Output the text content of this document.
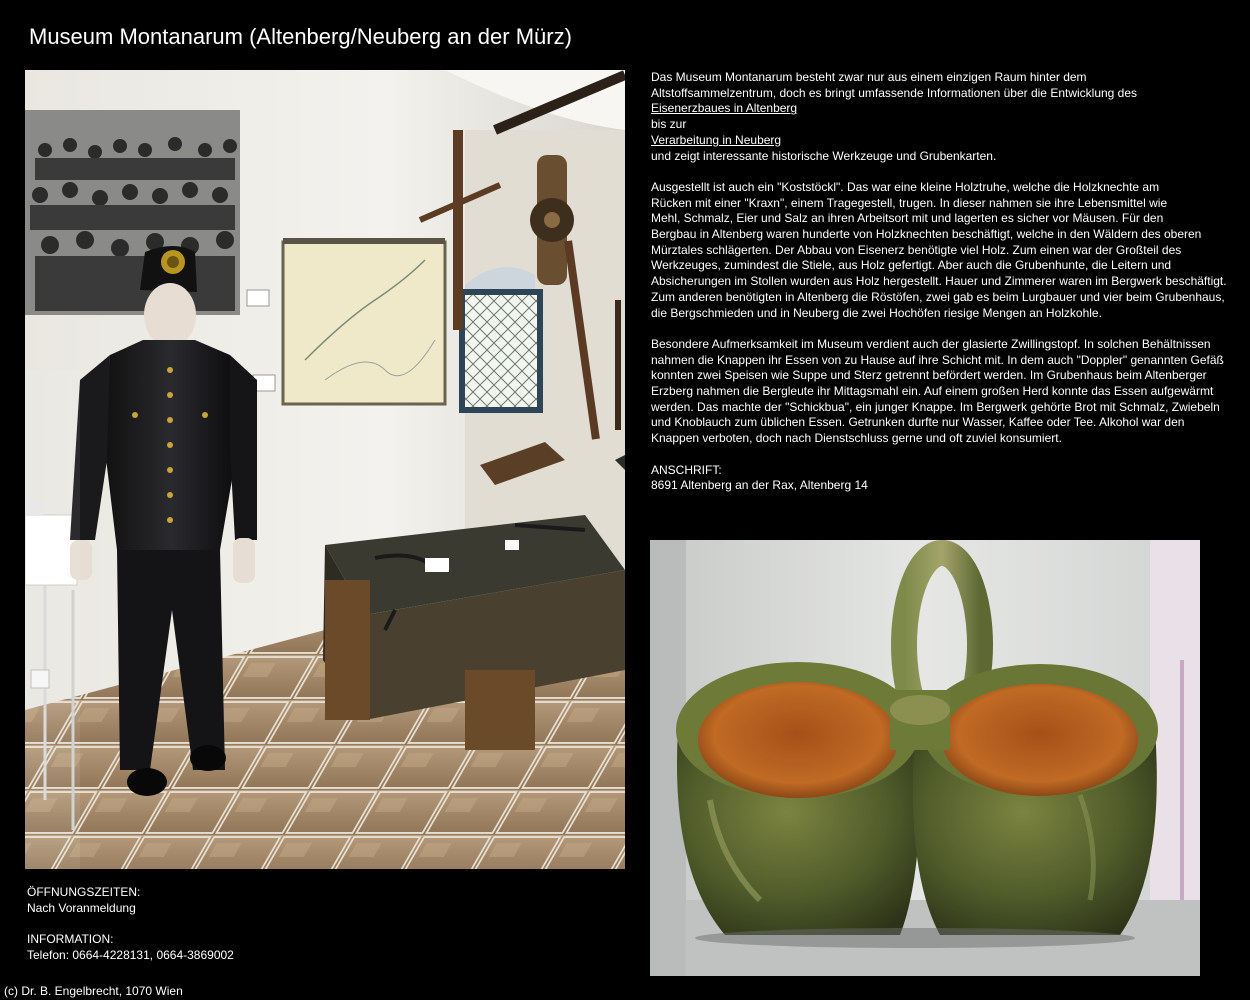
Museum Montanarum (Altenberg/Neuberg an der Mürz)

Das Museum Montanarum besteht zwar nur aus einem einzigen Raum hinter dem
Altstoffsammelzentrum, doch es bringt umfassende Informationen über die Entwicklung des
Eisenerzbaues in Altenberg
bis zur
Verarbeitung in Neuberg
und zeigt interessante historische Werkzeuge und Grubenkarten.

Ausgestellt ist auch ein "Koststöckl". Das war eine kleine Holztruhe, welche die Holzknechte am
Rücken mit einer "Kraxn", einem Tragegestell, trugen. In dieser nahmen sie ihre Lebensmittel wie
Mehl, Schmalz, Eier und Salz an ihren Arbeitsort mit und lagerten es sicher vor Mäusen. Für den
Bergbau in Altenberg waren hunderte von Holzknechten beschäftigt, welche in den Wäldern des oberen
Mürztales schlägerten. Der Abbau von Eisenerz benötigte viel Holz. Zum einen war der Großteil des
Werkzeuges, zumindest die Stiele, aus Holz gefertigt. Aber auch die Grubenhunte, die Leitern und
Absicherungen im Stollen wurden aus Holz hergestellt. Hauer und Zimmerer waren im Bergwerk beschäftigt.
Zum anderen benötigten in Altenberg die Röstöfen, zwei gab es beim Lurgbauer und vier beim Grubenhaus,
die Bergschmieden und in Neuberg die zwei Hochöfen riesige Mengen an Holzkohle.

Besondere Aufmerksamkeit im Museum verdient auch der glasierte Zwillingstopf. In solchen Behältnissen
nahmen die Knappen ihr Essen von zu Hause auf ihre Schicht mit. In dem auch "Doppler" genannten Gefäß
konnten zwei Speisen wie Suppe und Sterz getrennt befördert werden. Im Grubenhaus beim Altenberger
Erzberg nahmen die Bergleute ihr Mittagsmahl ein. Auf einem großen Herd konnte das Essen aufgewärmt
werden. Das machte der "Schickbua", ein junger Knappe. Im Bergwerk gehörte Brot mit Schmalz, Zwiebeln
und Knoblauch zum üblichen Essen. Getrunken durfte nur Wasser, Kaffee oder Tee. Alkohol war den
Knappen verboten, doch nach Dienstschluss gerne und oft zuviel konsumiert.

ANSCHRIFT:
8691 Altenberg an der Rax, Altenberg 14

ÖFFNUNGSZEITEN:
Nach Voranmeldung
INFORMATION:
Telefon: 0664-4228131, 0664-3869002
(c) Dr. B. Engelbrecht, 1070 Wien
